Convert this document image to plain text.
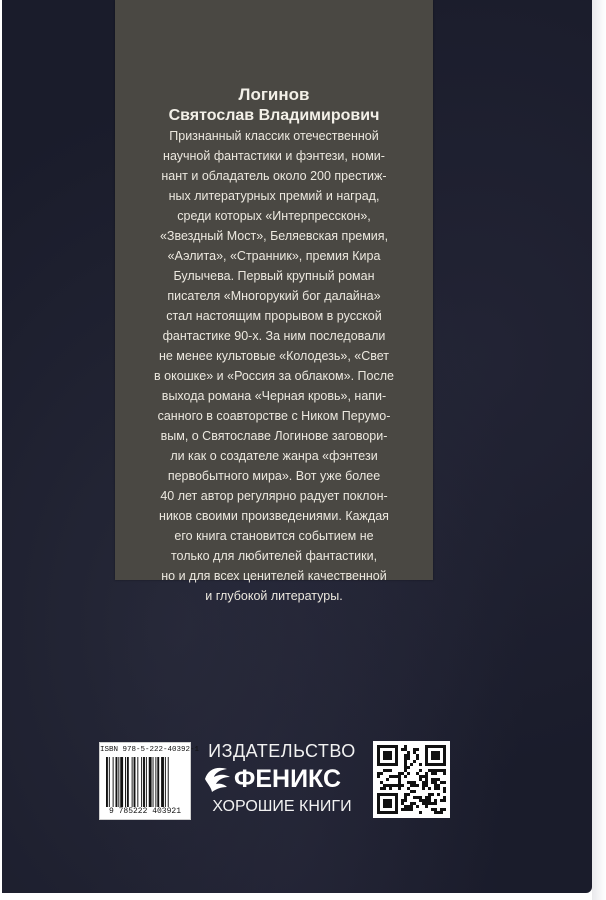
Логинов
Святослав Владимирович
Признанный классик отечественной
научной фантастики и фэнтези, номи-
нант и обладатель около 200 престиж-
ных литературных премий и наград,
среди которых «Интерпресскон»,
«Звездный Мост», Беляевская премия,
«Аэлита», «Странник», премия Кира
Булычева. Первый крупный роман
писателя «Многорукий бог далайна»
стал настоящим прорывом в русской
фантастике 90-х. За ним последовали
не менее культовые «Колодезь», «Свет
в окошке» и «Россия за облаком». После
выхода романа «Черная кровь», напи-
санного в соавторстве с Ником Перумо-
вым, о Святославе Логинове заговори-
ли как о создателе жанра «фэнтези
первобытного мира». Вот уже более
40 лет автор регулярно радует поклон-
ников своими произведениями. Каждая
его книга становится событием не
только для любителей фантастики,
но и для всех ценителей качественной
и глубокой литературы.
ISBN 978-5-222-40392-1
9 785222 403921
ИЗДАТЕЛЬСТВО
ФЕНИКС
ХОРОШИЕ КНИГИ
